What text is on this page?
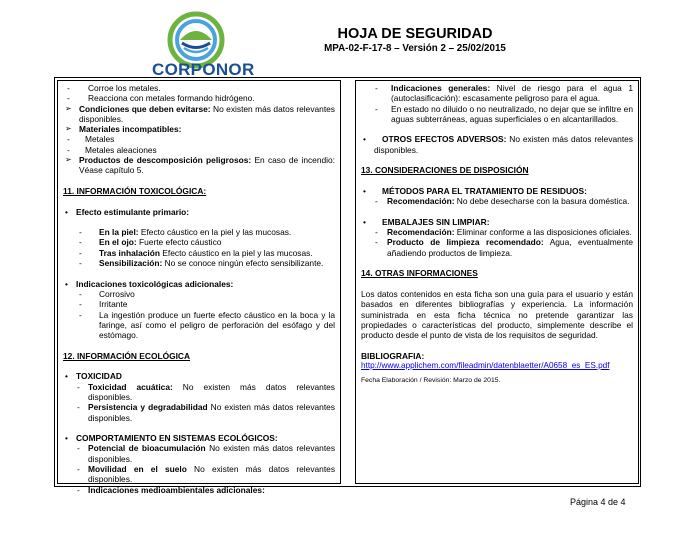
CORPONOR
HOJA DE SEGURIDAD
MPA-02-F-17-8 – Versión 2 – 25/02/2015
-	Corroe los metales.
-	Reacciona con metales formando hidrógeno.
➢ Condiciones que deben evitarse: No existen más datos relevantes disponibles.
➢ Materiales incompatibles:
-	Metales
-	Metales aleaciones
➢ Productos de descomposición peligrosos: En caso de incendio: Véase capítulo 5.
11. INFORMACIÓN TOXICOLÓGICA:
• Efecto estimulante primario:
-	En la piel: Efecto cáustico en la piel y las mucosas.
-	En el ojo: Fuerte efecto cáustico
-	Tras inhalación Efecto cáustico en la piel y las mucosas.
-	Sensibilización: No se conoce ningún efecto sensibilizante.
• Indicaciones toxicológicas adicionales:
-	Corrosivo
-	Irritante
-	La ingestión produce un fuerte efecto cáustico en la boca y la faringe, así como el peligro de perforación del esófago y del estómago.
12. INFORMACIÓN ECOLÓGICA
• TOXICIDAD
- Toxicidad acuática: No existen más datos relevantes disponibles.
- Persistencia y degradabilidad No existen más datos relevantes disponibles.
• COMPORTAMIENTO EN SISTEMAS ECOLÓGICOS:
- Potencial de bioacumulación No existen más datos relevantes disponibles.
- Movilidad en el suelo No existen más datos relevantes disponibles.
- Indicaciones medioambientales adicionales:
-	Indicaciones generales: Nivel de riesgo para el agua 1 (autoclasificación): escasamente peligroso para el agua.
-	En estado no diluido o no neutralizado, no dejar que se infiltre en aguas subterráneas, aguas superficiales o en alcantarillados.
•	OTROS EFECTOS ADVERSOS: No existen más datos relevantes disponibles.
13. CONSIDERACIONES DE DISPOSICIÓN
•	MÉTODOS PARA EL TRATAMIENTO DE RESIDUOS:
-	Recomendación: No debe desecharse con la basura doméstica.
•	EMBALAJES SIN LIMPIAR:
-	Recomendación: Eliminar conforme a las disposiciones oficiales.
-	Producto de limpieza recomendado: Agua, eventualmente añadiendo productos de limpieza.
14. OTRAS INFORMACIONES
Los datos contenidos en esta ficha son una guía para el usuario y están basados en diferentes bibliografías y experiencia. La información suministrada en esta ficha técnica no pretende garantizar las propiedades o características del producto, simplemente describe el producto desde el punto de vista de los requisitos de seguridad.
BIBLIOGRAFIA:
http://www.applichem.com/fileadmin/datenblaetter/A0658_es_ES.pdf
Fecha Elaboración / Revisión: Marzo de 2015.
Página 4 de 4
